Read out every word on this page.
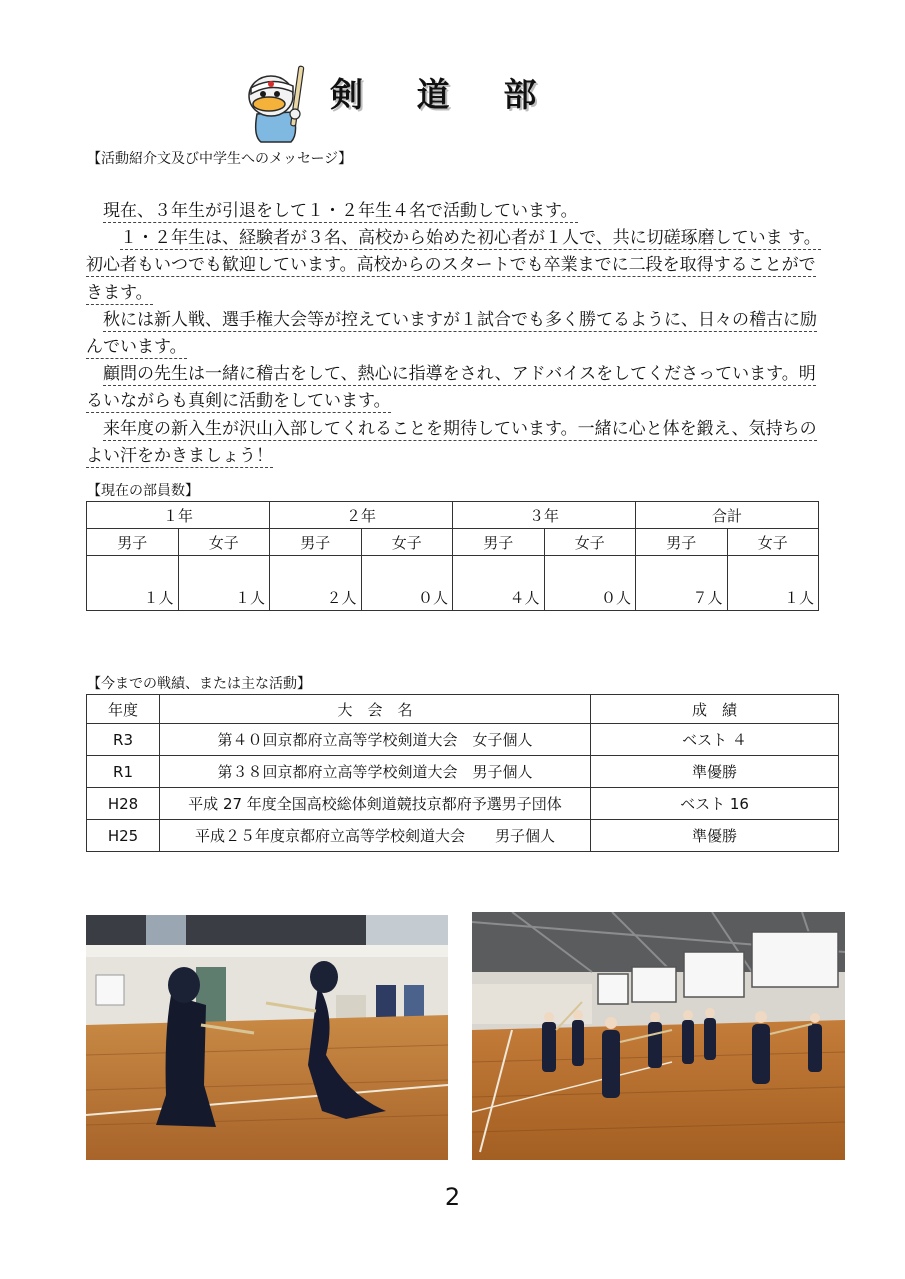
剣	道	部
【活動紹介文及び中学生へのメッセージ】

現在、３年生が引退をして１・２年生４名で活動しています。

１・２年生は、経験者が３名、高校から始めた初心者が１人で、共に切磋琢磨していま す。初心者もいつでも歓迎しています。高校からのスタートでも卒業までに二段を取得することができます。

秋には新人戦、選手権大会等が控えていますが１試合でも多く勝てるように、日々の稽古に励んでいます。

顧問の先生は一緒に稽古をして、熱心に指導をされ、アドバイスをしてくださっています。明るいながらも真剣に活動をしています。

来年度の新入生が沢山入部してくれることを期待しています。一緒に心と体を鍛え、気持ちのよい汗をかきましょう！

【現在の部員数】
１年		２年		３年		合計	
男子	女子	男子	女子	男子	女子	男子	女子
１人	１人	２人	０人	４人	０人	７人	１人
【今までの戦績、または主な活動】
年度	大　会　名	成　績
R3	第４０回京都府立高等学校剣道大会　女子個人	ベスト ４
R1	第３８回京都府立高等学校剣道大会　男子個人	準優勝
H28	平成 27 年度全国高校総体剣道競技京都府予選男子団体	ベスト 16
H25	平成２５年度京都府立高等学校剣道大会　　男子個人	準優勝
2
